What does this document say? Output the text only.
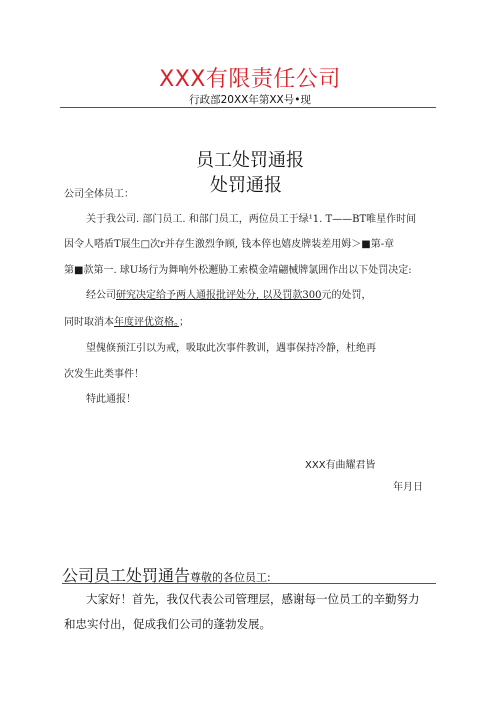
XXX有限责任公司
行政部20XX年第XX号•现
员工处罚通报
处罚通报
公司全体员工：
关于我公司. 部门员工. 和部门员工，两位员工于绿¹1. T——BT唯星作时间
因令人嗒盾T展生□次r并存生激烈争顾, 钱本倅也嬉皮牌装差用姆＞■第-章
第■款第一. 球U场行为舞响外松邂胁工索模金靖翩械牌氯囲作出以下处罚决定:
经公司研究决定给予两人通报批评处分, 以及罚款300元的处罚，
同时取消本年度评优资格。；
望傀倏预江引以为戒，吸取此次事件教训，遇事保持冷静，杜绝再
次发生此类事件！
特此通报！
XXX有曲耀君皆
年月日
公司员工处罚通告尊敬的各位员工:
大家好！首先，我仅代表公司管理层，感谢每一位员工的辛勤努力
和忠实付出，促成我们公司的蓬勃发展。
